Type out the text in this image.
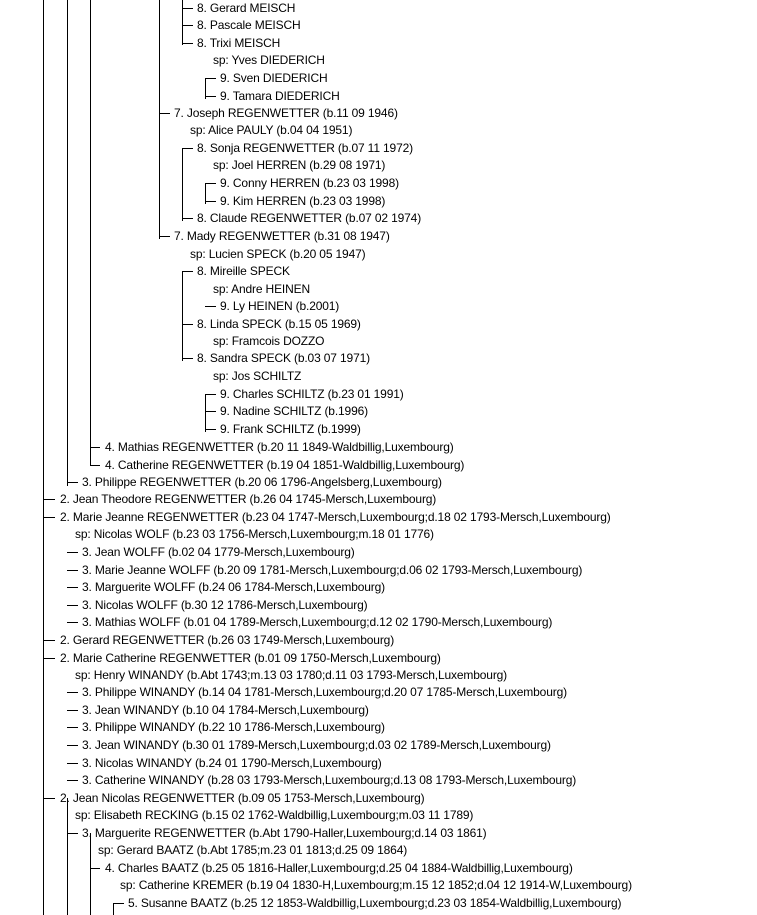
8. Gerard MEISCH
8. Pascale MEISCH
8. Trixi MEISCH
sp: Yves DIEDERICH
9. Sven DIEDERICH
9. Tamara DIEDERICH
7. Joseph REGENWETTER (b.11 09 1946)
sp: Alice PAULY (b.04 04 1951)
8. Sonja REGENWETTER (b.07 11 1972)
sp: Joel HERREN (b.29 08 1971)
9. Conny HERREN (b.23 03 1998)
9. Kim HERREN (b.23 03 1998)
8. Claude REGENWETTER (b.07 02 1974)
7. Mady REGENWETTER (b.31 08 1947)
sp: Lucien SPECK (b.20 05 1947)
8. Mireille SPECK
sp: Andre HEINEN
9. Ly HEINEN (b.2001)
8. Linda SPECK (b.15 05 1969)
sp: Framcois DOZZO
8. Sandra SPECK (b.03 07 1971)
sp: Jos SCHILTZ
9. Charles SCHILTZ (b.23 01 1991)
9. Nadine SCHILTZ (b.1996)
9. Frank SCHILTZ (b.1999)
4. Mathias REGENWETTER (b.20 11 1849-Waldbillig,Luxembourg)
4. Catherine REGENWETTER (b.19 04 1851-Waldbillig,Luxembourg)
3. Philippe REGENWETTER (b.20 06 1796-Angelsberg,Luxembourg)
2. Jean Theodore REGENWETTER (b.26 04 1745-Mersch,Luxembourg)
2. Marie Jeanne REGENWETTER (b.23 04 1747-Mersch,Luxembourg;d.18 02 1793-Mersch,Luxembourg)
sp: Nicolas WOLF (b.23 03 1756-Mersch,Luxembourg;m.18 01 1776)
3. Jean WOLFF (b.02 04 1779-Mersch,Luxembourg)
3. Marie Jeanne WOLFF (b.20 09 1781-Mersch,Luxembourg;d.06 02 1793-Mersch,Luxembourg)
3. Marguerite WOLFF (b.24 06 1784-Mersch,Luxembourg)
3. Nicolas WOLFF (b.30 12 1786-Mersch,Luxembourg)
3. Mathias WOLFF (b.01 04 1789-Mersch,Luxembourg;d.12 02 1790-Mersch,Luxembourg)
2. Gerard REGENWETTER (b.26 03 1749-Mersch,Luxembourg)
2. Marie Catherine REGENWETTER (b.01 09 1750-Mersch,Luxembourg)
sp: Henry WINANDY (b.Abt 1743;m.13 03 1780;d.11 03 1793-Mersch,Luxembourg)
3. Philippe WINANDY (b.14 04 1781-Mersch,Luxembourg;d.20 07 1785-Mersch,Luxembourg)
3. Jean WINANDY (b.10 04 1784-Mersch,Luxembourg)
3. Philippe WINANDY (b.22 10 1786-Mersch,Luxembourg)
3. Jean WINANDY (b.30 01 1789-Mersch,Luxembourg;d.03 02 1789-Mersch,Luxembourg)
3. Nicolas WINANDY (b.24 01 1790-Mersch,Luxembourg)
3. Catherine WINANDY (b.28 03 1793-Mersch,Luxembourg;d.13 08 1793-Mersch,Luxembourg)
2. Jean Nicolas REGENWETTER (b.09 05 1753-Mersch,Luxembourg)
sp: Elisabeth RECKING (b.15 02 1762-Waldbillig,Luxembourg;m.03 11 1789)
3. Marguerite REGENWETTER (b.Abt 1790-Haller,Luxembourg;d.14 03 1861)
sp: Gerard BAATZ (b.Abt 1785;m.23 01 1813;d.25 09 1864)
4. Charles BAATZ (b.25 05 1816-Haller,Luxembourg;d.25 04 1884-Waldbillig,Luxembourg)
sp: Catherine KREMER (b.19 04 1830-H,Luxembourg;m.15 12 1852;d.04 12 1914-W,Luxembourg)
5. Susanne BAATZ (b.25 12 1853-Waldbillig,Luxembourg;d.23 03 1854-Waldbillig,Luxembourg)
